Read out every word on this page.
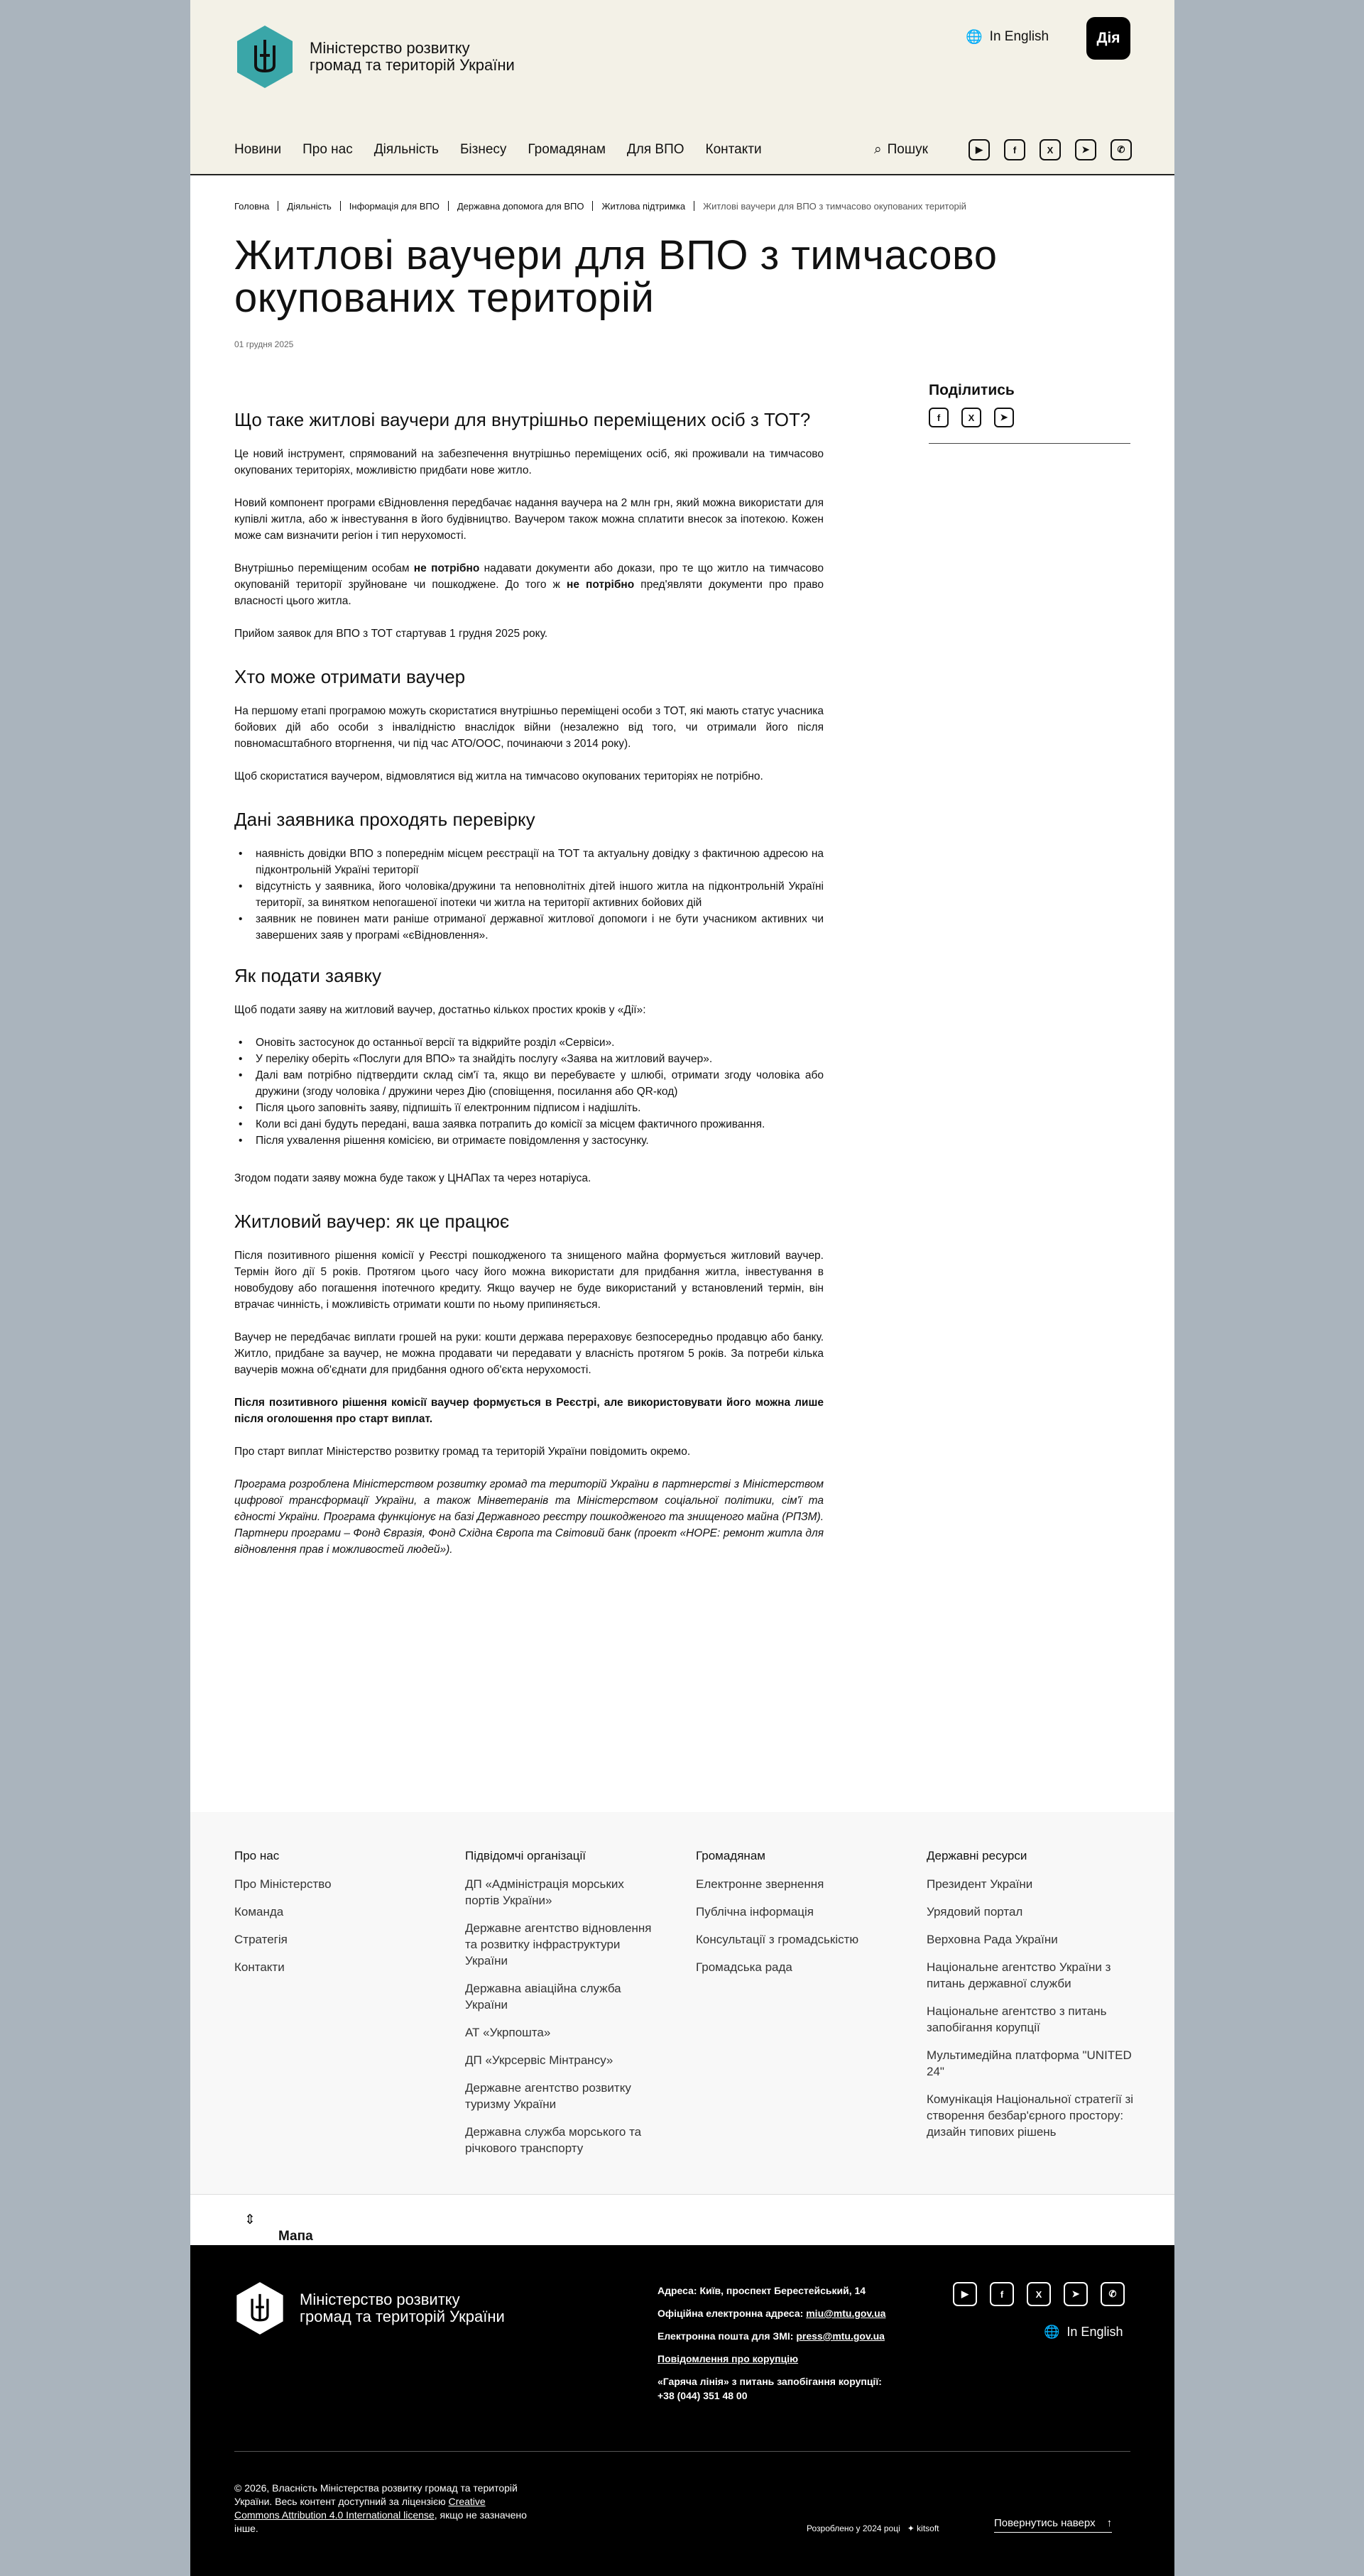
Міністерство розвитку громад та територій України
🌐 In English	Дія
Новини Про нас Діяльність Бізнесу Громадянам Для ВПО Контакти	⌕ Пошук	▶	f	X	➤	✆
Головна Діяльність Інформація для ВПО Державна допомога для ВПО Житлова підтримка Житлові ваучери для ВПО з тимчасово окупованих територій
Житлові ваучери для ВПО з тимчасово окупованих територій
01 грудня 2025
Поділитись
f	X	➤
Що таке житлові ваучери для внутрішньо переміщених осіб з ТОТ?

Це новий інструмент, спрямований на забезпечення внутрішньо переміщених осіб, які проживали на тимчасово окупованих територіях, можливістю придбати нове житло.

Новий компонент програми єВідновлення передбачає надання ваучера на 2 млн грн, який можна використати для купівлі житла, або ж інвестування в його будівництво. Ваучером також можна сплатити внесок за іпотекою. Кожен може сам визначити регіон і тип нерухомості.

Внутрішньо переміщеним особам не потрібно надавати документи або докази, про те що житло на тимчасово окупованій території зруйноване чи пошкоджене. До того ж не потрібно пред'являти документи про право власності цього житла.

Прийом заявок для ВПО з ТОТ стартував 1 грудня 2025 року.

Хто може отримати ваучер

На першому етапі програмою можуть скористатися внутрішньо переміщені особи з ТОТ, які мають статус учасника бойових дій або особи з інвалідністю внаслідок війни (незалежно від того, чи отримали його після повномасштабного вторгнення, чи під час АТО/ООС, починаючи з 2014 року).

Щоб скористатися ваучером, відмовлятися від житла на тимчасово окупованих територіях не потрібно.

Дані заявника проходять перевірку
• наявність довідки ВПО з попереднім місцем реєстрації на ТОТ та актуальну довідку з фактичною адресою на підконтрольній Україні території
• відсутність у заявника, його чоловіка/дружини та неповнолітніх дітей іншого житла на підконтрольній Україні території, за винятком непогашеної іпотеки чи житла на території активних бойових дій
• заявник не повинен мати раніше отриманої державної житлової допомоги і не бути учасником активних чи завершених заяв у програмі «єВідновлення».
Як подати заявку

Щоб подати заяву на житловий ваучер, достатньо кількох простих кроків у «Дії»:

• Оновіть застосунок до останньої версії та відкрийте розділ «Сервіси».
• У переліку оберіть «Послуги для ВПО» та знайдіть послугу «Заява на житловий ваучер».
• Далі вам потрібно підтвердити склад сім'ї та, якщо ви перебуваєте у шлюбі, отримати згоду чоловіка або дружини (згоду чоловіка / дружини через Дію (сповіщення, посилання або QR-код)
• Після цього заповніть заяву, підпишіть її електронним підписом і надішліть.
• Коли всі дані будуть передані, ваша заявка потрапить до комісії за місцем фактичного проживання.
• Після ухвалення рішення комісією, ви отримаєте повідомлення у застосунку.

Згодом подати заяву можна буде також у ЦНАПах та через нотаріуса.

Житловий ваучер: як це працює

Після позитивного рішення комісії у Реєстрі пошкодженого та знищеного майна формується житловий ваучер. Термін його дії 5 років. Протягом цього часу його можна використати для придбання житла, інвестування в новобудову або погашення іпотечного кредиту. Якщо ваучер не буде використаний у встановлений термін, він втрачає чинність, і можливість отримати кошти по ньому припиняється.

Ваучер не передбачає виплати грошей на руки: кошти держава перераховує безпосередньо продавцю або банку. Житло, придбане за ваучер, не можна продавати чи передавати у власність протягом 5 років. За потреби кілька ваучерів можна об'єднати для придбання одного об'єкта нерухомості.

Після позитивного рішення комісії ваучер формується в Реєстрі, але використовувати його можна лише після оголошення про старт виплат.

Про старт виплат Міністерство розвитку громад та територій України повідомить окремо.

Програма розроблена Міністерством розвитку громад та територій України в партнерстві з Міністерством цифрової трансформації України, а також Мінветеранів та Міністерством соціальної політики, сім'ї та єдності України. Програма функціонує на базі Державного реєстру пошкодженого та знищеного майна (РПЗМ). Партнери програми – Фонд Євразія, Фонд Східна Європа та Світовий банк (проект «HOPE: ремонт житла для відновлення прав і можливостей людей»).

Про нас
Про Міністерство
Команда
Стратегія
Контакти
Підвідомчі організації
ДП «Адміністрація морських портів України»
Державне агентство відновлення та розвитку інфраструктури України
Державна авіаційна служба України
АТ «Укрпошта»
ДП «Укрсервіс Мінтрансу»
Державне агентство розвитку туризму України
Державна служба морського та річкового транспорту
Громадянам
Електронне звернення
Публічна інформація
Консультації з громадськістю
Громадська рада
Державні ресурси
Президент України
Урядовий портал
Верховна Рада України
Національне агентство України з питань державної служби
Національне агентство з питань запобігання корупції
Мультимедійна платформа "UNITED 24"
Комунікація Національної стратегії зі створення безбар'єрного простору: дизайн типових рішень
Мапа
⇕
Міністерство розвитку громад та територій України
Адреса: Київ, проспект Берестейський, 14
Офіційна електронна адреса: miu@mtu.gov.ua
Електронна пошта для ЗМІ: press@mtu.gov.ua
Повідомлення про корупцію
«Гаряча лінія» з питань запобігання корупції: +38 (044) 351 48 00
▶	f	X	➤	✆
🌐 In English
© 2026, Власність Міністерства розвитку громад та територій України. Весь контент доступний за ліцензією Creative Commons Attribution 4.0 International license, якщо не зазначено інше.	Розроблено у 2024 році ✦ kitsoft	Повернутись наверх ↑
